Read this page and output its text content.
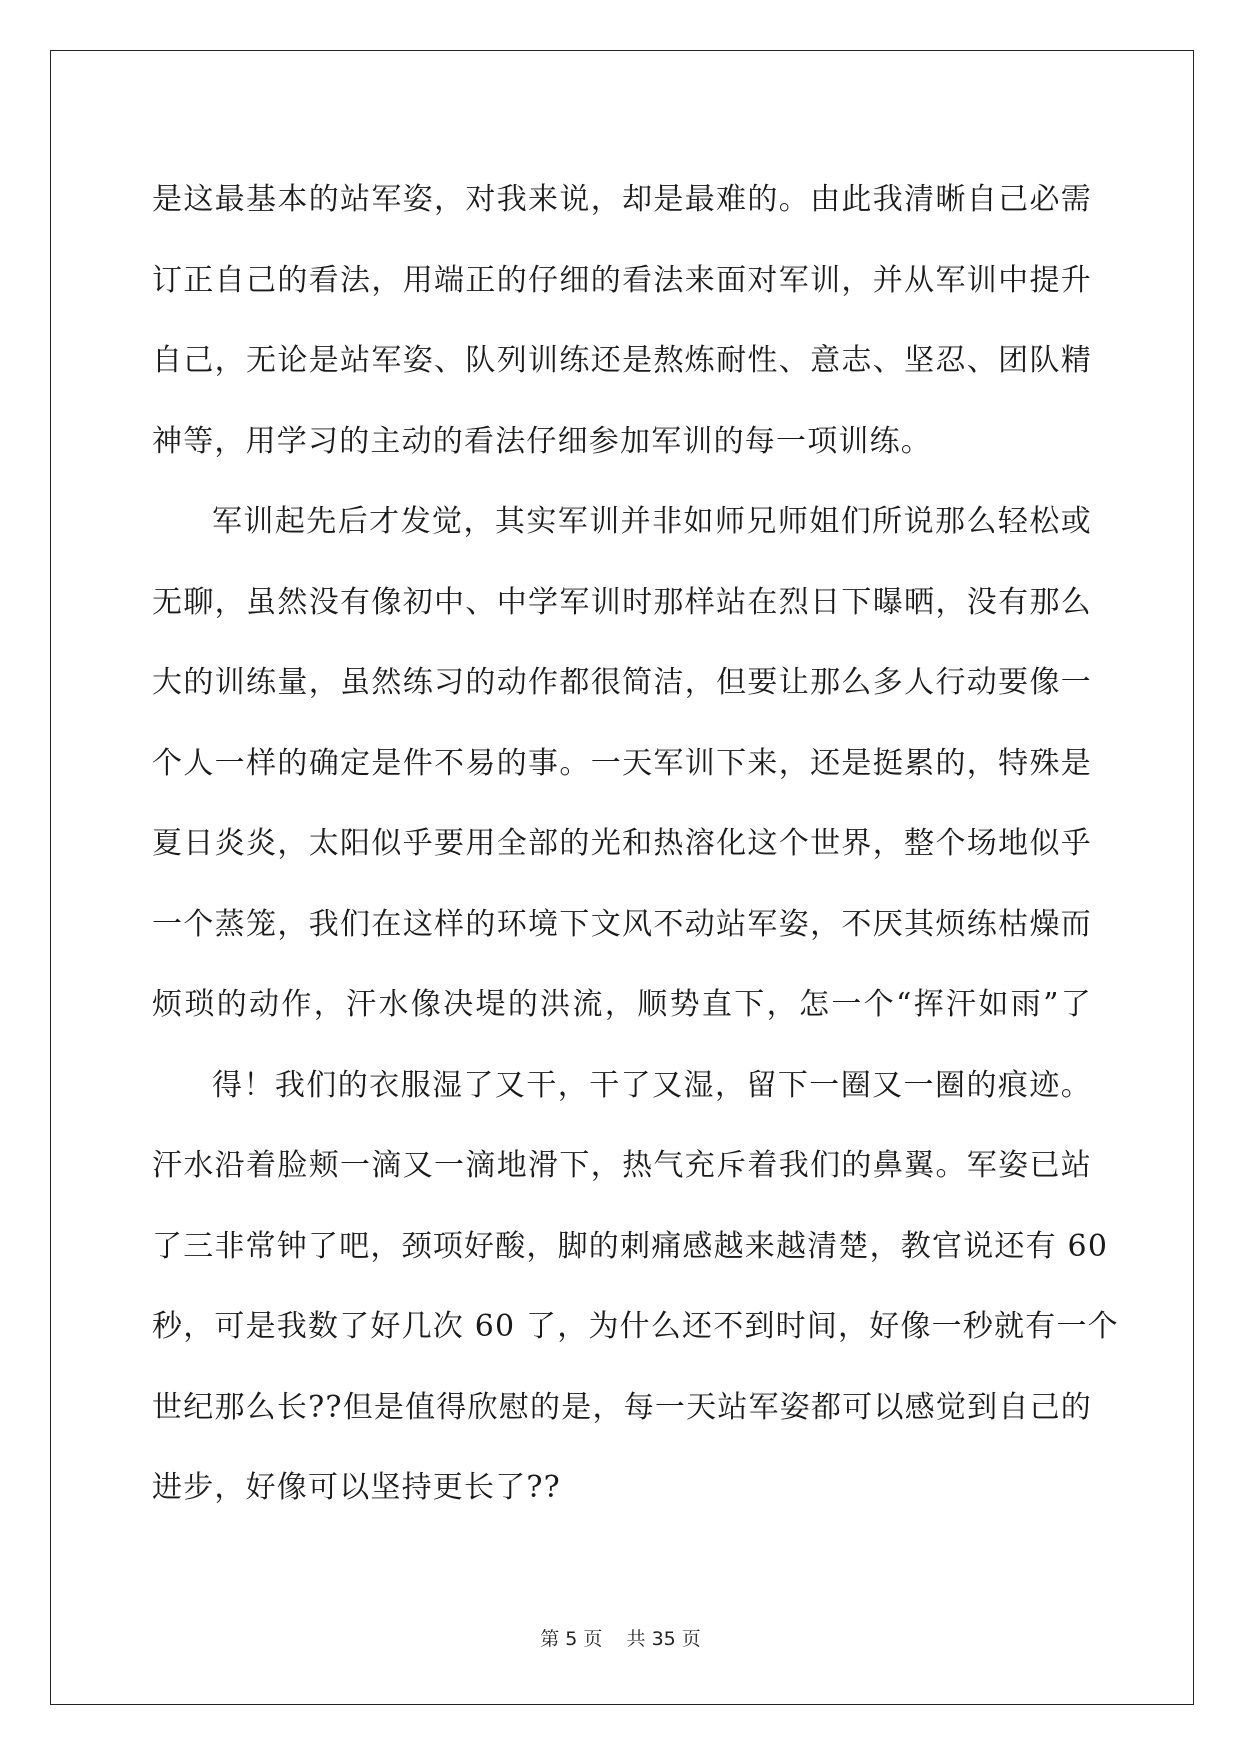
是这最基本的站军姿，对我来说，却是最难的。由此我清晰自己必需
订正自己的看法，用端正的仔细的看法来面对军训，并从军训中提升
自己，无论是站军姿、队列训练还是熬炼耐性、意志、坚忍、团队精
神等，用学习的主动的看法仔细参加军训的每一项训练。
军训起先后才发觉，其实军训并非如师兄师姐们所说那么轻松或
无聊，虽然没有像初中、中学军训时那样站在烈日下曝晒，没有那么
大的训练量，虽然练习的动作都很简洁，但要让那么多人行动要像一
个人一样的确定是件不易的事。一天军训下来，还是挺累的，特殊是
夏日炎炎，太阳似乎要用全部的光和热溶化这个世界，整个场地似乎
一个蒸笼，我们在这样的环境下文风不动站军姿，不厌其烦练枯燥而
烦琐的动作，汗水像决堤的洪流，顺势直下，怎一个“挥汗如雨”了
得！我们的衣服湿了又干，干了又湿，留下一圈又一圈的痕迹。
汗水沿着脸颊一滴又一滴地滑下，热气充斥着我们的鼻翼。军姿已站
了三非常钟了吧，颈项好酸，脚的刺痛感越来越清楚，教官说还有 60
秒，可是我数了好几次 60 了，为什么还不到时间，好像一秒就有一个
世纪那么长??但是值得欣慰的是，每一天站军姿都可以感觉到自己的
进步，好像可以坚持更长了??
第 5 页 共 35 页
